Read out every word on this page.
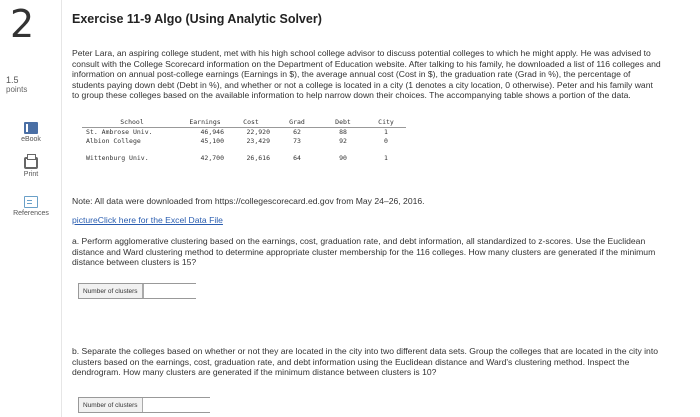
2
1.5
points
eBook
Print
References
Exercise 11-9 Algo (Using Analytic Solver)
Peter Lara, an aspiring college student, met with his high school college advisor to discuss potential colleges to which he might apply. He was advised to consult with the College Scorecard information on the Department of Education website. After talking to his family, he downloaded a list of 116 colleges and information on annual post-college earnings (Earnings in $), the average annual cost (Cost in $), the graduation rate (Grad in %), the percentage of students paying down debt (Debt in %), and whether or not a college is located in a city (1 denotes a city location, 0 otherwise). Peter and his family want to group these colleges based on the available information to help narrow down their choices. The accompanying table shows a portion of the data.
School	Earnings	Cost	Grad	Debt	City
St. Ambrose Univ.	46,946	22,920	62	88	1
Albion College	45,100	23,429	73	92	0

Wittenburg Univ.	42,700	26,616	64	90	1
Note: All data were downloaded from https://collegescorecard.ed.gov from May 24–26, 2016.
pictureClick here for the Excel Data File
a. Perform agglomerative clustering based on the earnings, cost, graduation rate, and debt information, all standardized to z-scores. Use the Euclidean distance and Ward clustering method to determine appropriate cluster membership for the 116 colleges. How many clusters are generated if the minimum distance between clusters is 15?
Number of clusters
b. Separate the colleges based on whether or not they are located in the city into two different data sets. Group the colleges that are located in the city into clusters based on the earnings, cost, graduation rate, and debt information using the Euclidean distance and Ward's clustering method. Inspect the dendrogram. How many clusters are generated if the minimum distance between clusters is 10?
Number of clusters
